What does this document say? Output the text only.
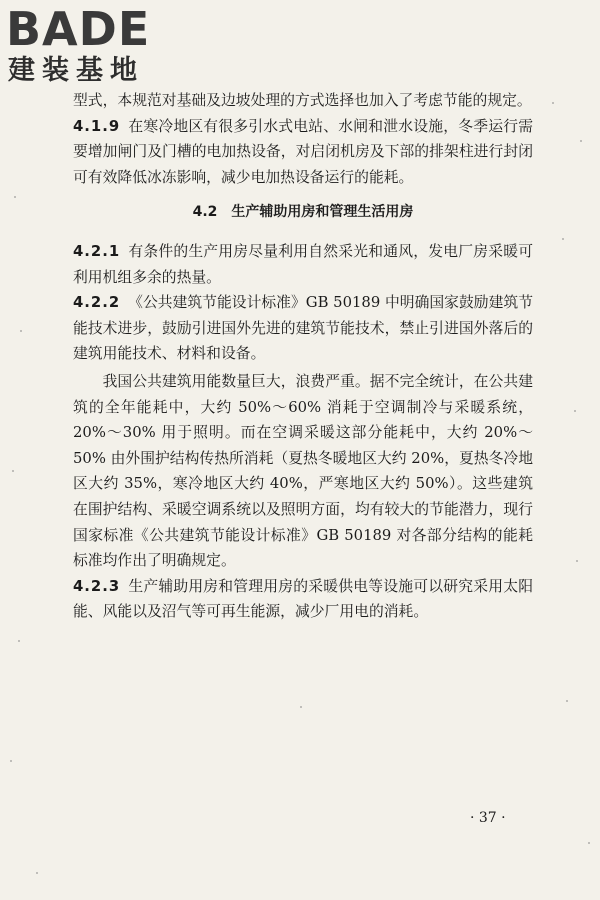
BADE
建装基地

型式，本规范对基础及边坡处理的方式选择也加入了考虑节能的规定。

4.1.9 在寒冷地区有很多引水式电站、水闸和泄水设施，冬季运行需要增加闸门及门槽的电加热设备，对启闭机房及下部的排架柱进行封闭可有效降低冰冻影响，减少电加热设备运行的能耗。

4.2 生产辅助用房和管理生活用房

4.2.1 有条件的生产用房尽量利用自然采光和通风，发电厂房采暖可利用机组多余的热量。

4.2.2 《公共建筑节能设计标准》GB 50189 中明确国家鼓励建筑节能技术进步，鼓励引进国外先进的建筑节能技术，禁止引进国外落后的建筑用能技术、材料和设备。

我国公共建筑用能数量巨大，浪费严重。据不完全统计，在公共建筑的全年能耗中，大约 50%～60% 消耗于空调制冷与采暖系统，20%～30% 用于照明。而在空调采暖这部分能耗中，大约 20%～50% 由外围护结构传热所消耗（夏热冬暖地区大约 20%，夏热冬冷地区大约 35%，寒冷地区大约 40%，严寒地区大约 50%）。这些建筑在围护结构、采暖空调系统以及照明方面，均有较大的节能潜力，现行国家标准《公共建筑节能设计标准》GB 50189 对各部分结构的能耗标准均作出了明确规定。

4.2.3 生产辅助用房和管理用房的采暖供电等设施可以研究采用太阳能、风能以及沼气等可再生能源，减少厂用电的消耗。

· 37 ·
